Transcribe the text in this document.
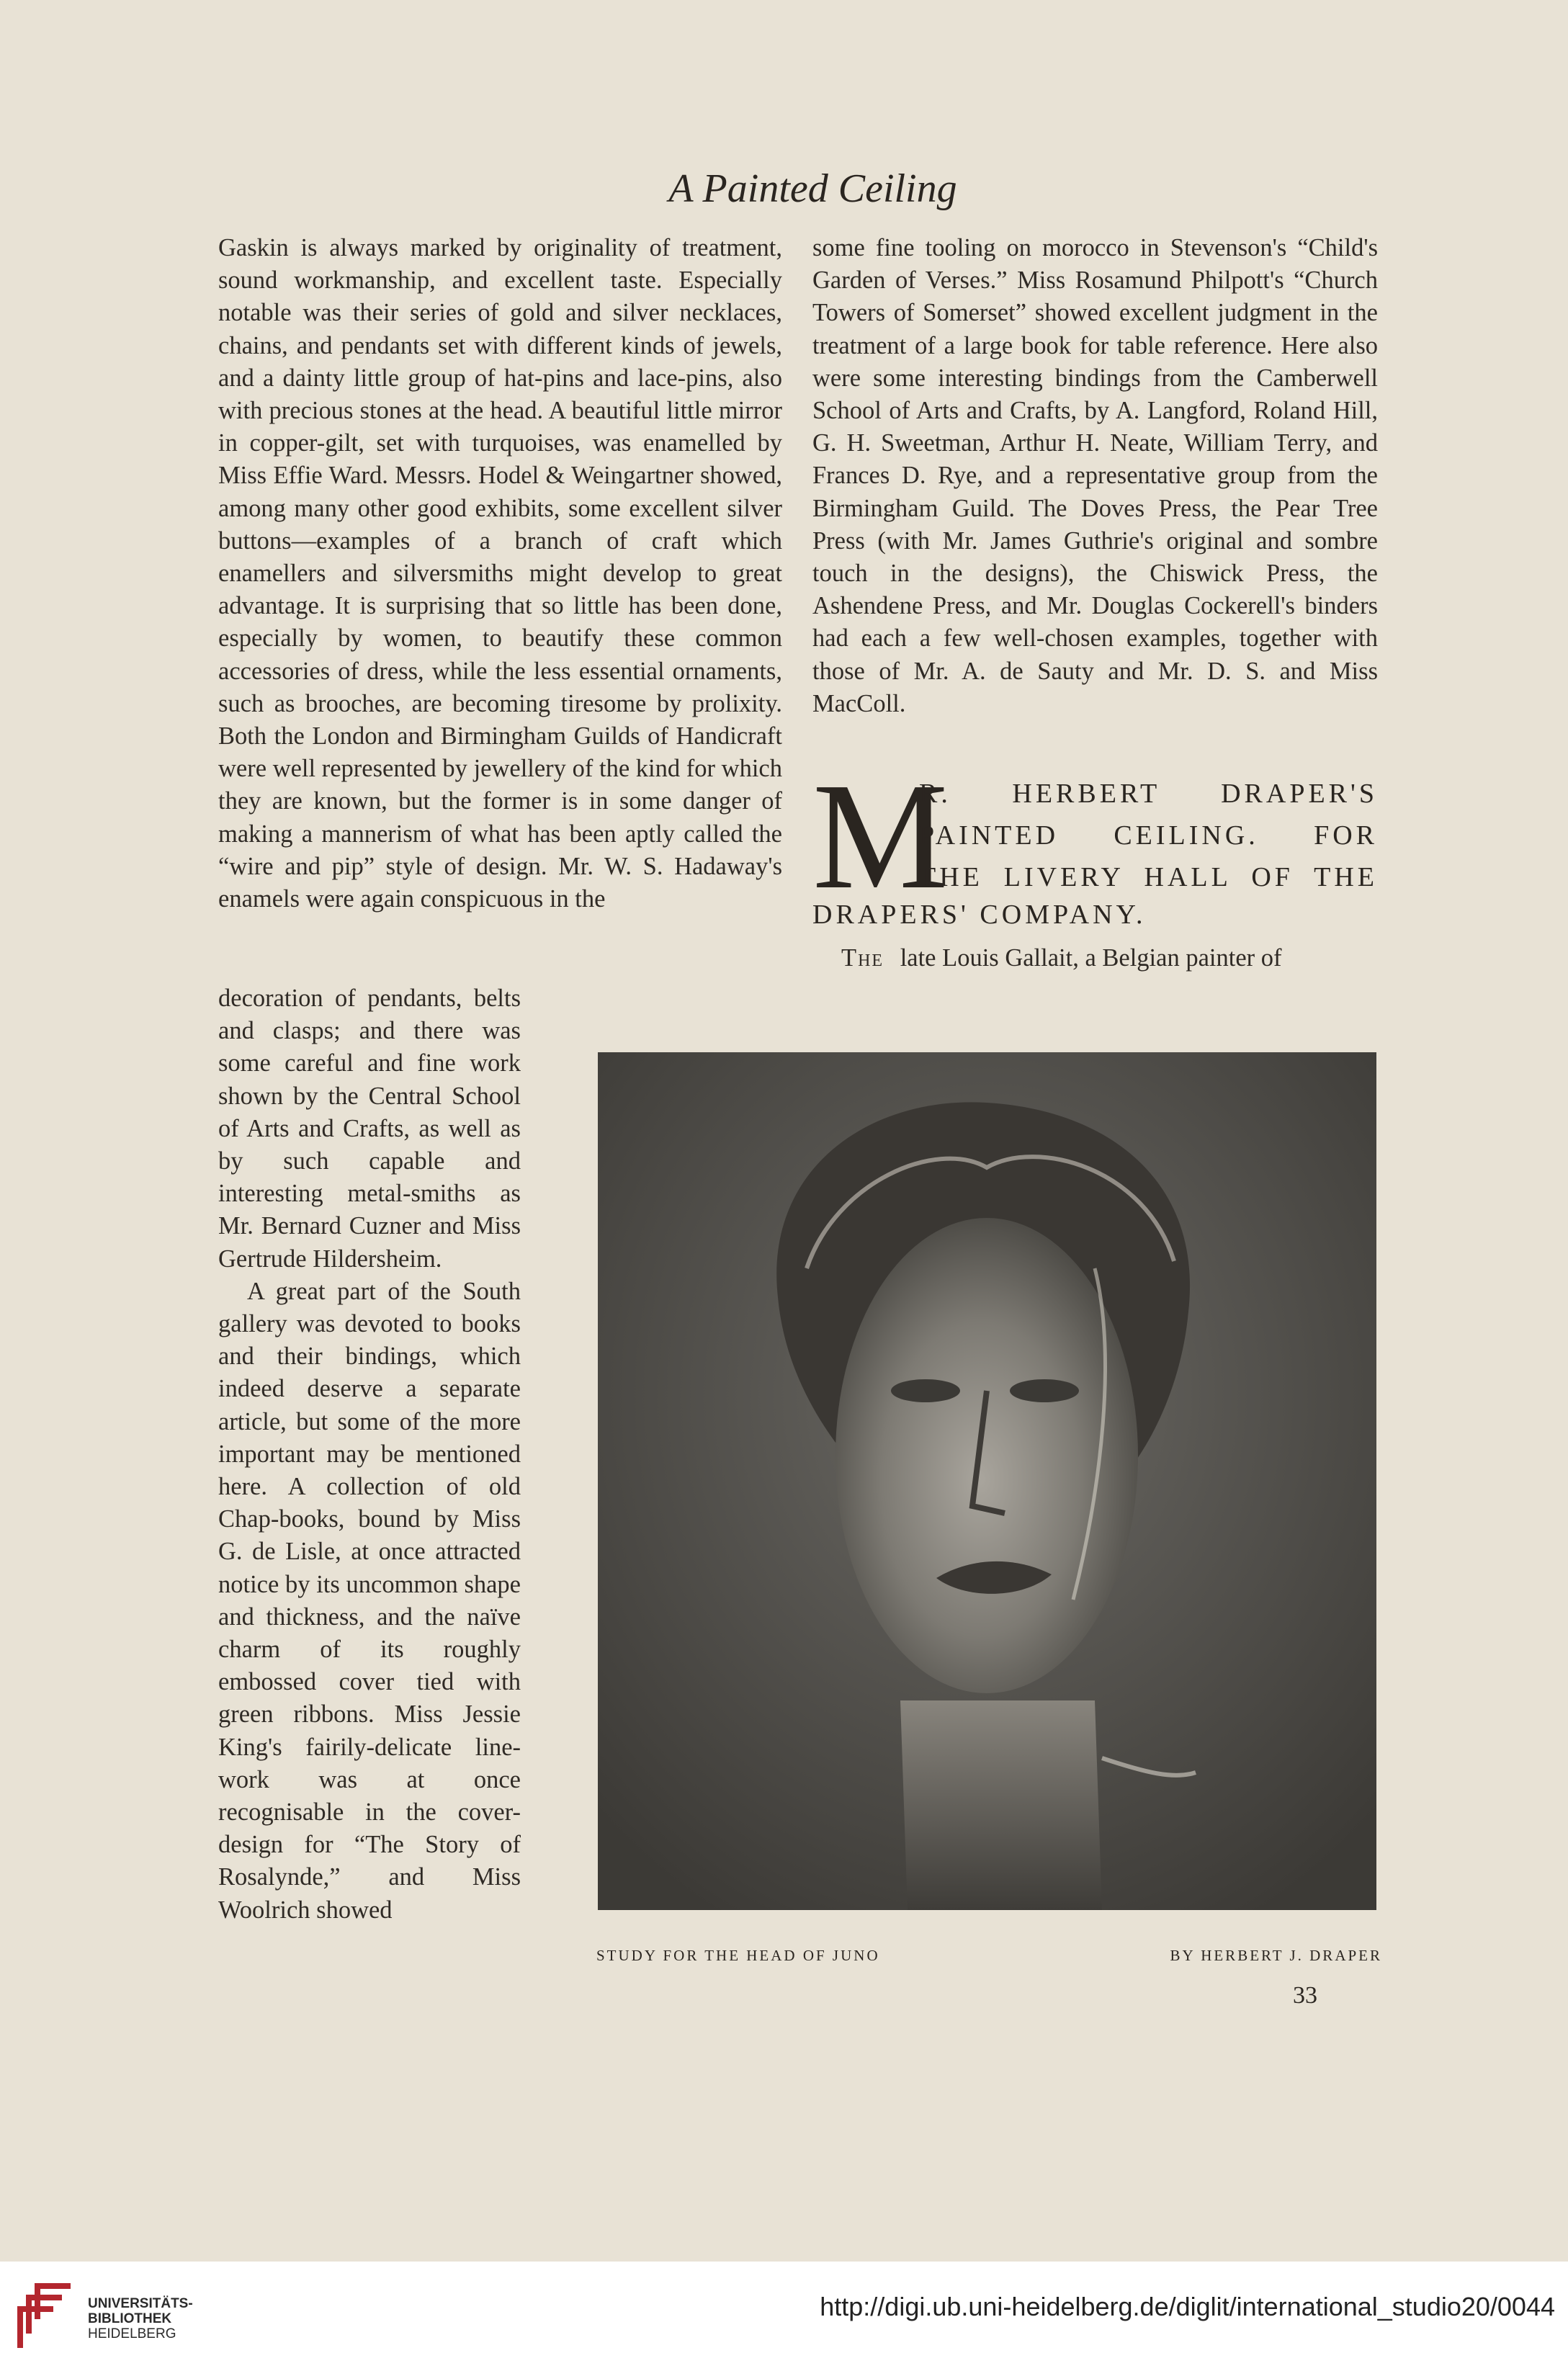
A Painted Ceiling

Gaskin is always marked by originality of treatment, sound workmanship, and excellent taste. Especially notable was their series of gold and silver necklaces, chains, and pendants set with different kinds of jewels, and a dainty little group of hat-pins and lace-pins, also with precious stones at the head. A beautiful little mirror in copper-gilt, set with turquoises, was enamelled by Miss Effie Ward. Messrs. Hodel & Weingartner showed, among many other good exhibits, some excellent silver buttons—examples of a branch of craft which enamellers and silversmiths might develop to great advantage. It is surprising that so little has been done, especially by women, to beautify these common accessories of dress, while the less essential ornaments, such as brooches, are becoming tiresome by prolixity. Both the London and Birmingham Guilds of Handicraft were well represented by jewellery of the kind for which they are known, but the former is in some danger of making a mannerism of what has been aptly called the “wire and pip” style of design. Mr. W. S. Hadaway's enamels were again conspicuous in the

decoration of pendants, belts and clasps; and there was some careful and fine work shown by the Central School of Arts and Crafts, as well as by such capable and interesting metal-smiths as Mr. Bernard Cuzner and Miss Gertrude Hildersheim.

A great part of the South gallery was devoted to books and their bindings, which indeed deserve a separate article, but some of the more important may be mentioned here. A collection of old Chap-books, bound by Miss G. de Lisle, at once attracted notice by its uncommon shape and thickness, and the naïve charm of its roughly embossed cover tied with green ribbons. Miss Jessie King's fairily-delicate line-work was at once recognisable in the cover-design for “The Story of Rosalynde,” and Miss Woolrich showed

some fine tooling on morocco in Stevenson's “Child's Garden of Verses.” Miss Rosamund Philpott's “Church Towers of Somerset” showed excellent judgment in the treatment of a large book for table reference. Here also were some interesting bindings from the Camberwell School of Arts and Crafts, by A. Langford, Roland Hill, G. H. Sweetman, Arthur H. Neate, William Terry, and Frances D. Rye, and a representative group from the Birmingham Guild. The Doves Press, the Pear Tree Press (with Mr. James Guthrie's original and sombre touch in the designs), the Chiswick Press, the Ashendene Press, and Mr. Douglas Cockerell's binders had each a few well-chosen examples, together with those of Mr. A. de Sauty and Mr. D. S. and Miss MacColl.

M
R. HERBERT DRAPER'S
PAINTED CEILING. FOR
THE LIVERY HALL OF THE
DRAPERS' COMPANY.
The late Louis Gallait, a Belgian painter of
STUDY FOR THE HEAD OF JUNO	BY HERBERT J. DRAPER
33
UNIVERSITÄTS-
BIBLIOTHEK
HEIDELBERG
http://digi.ub.uni-heidelberg.de/diglit/international_studio20/0044
